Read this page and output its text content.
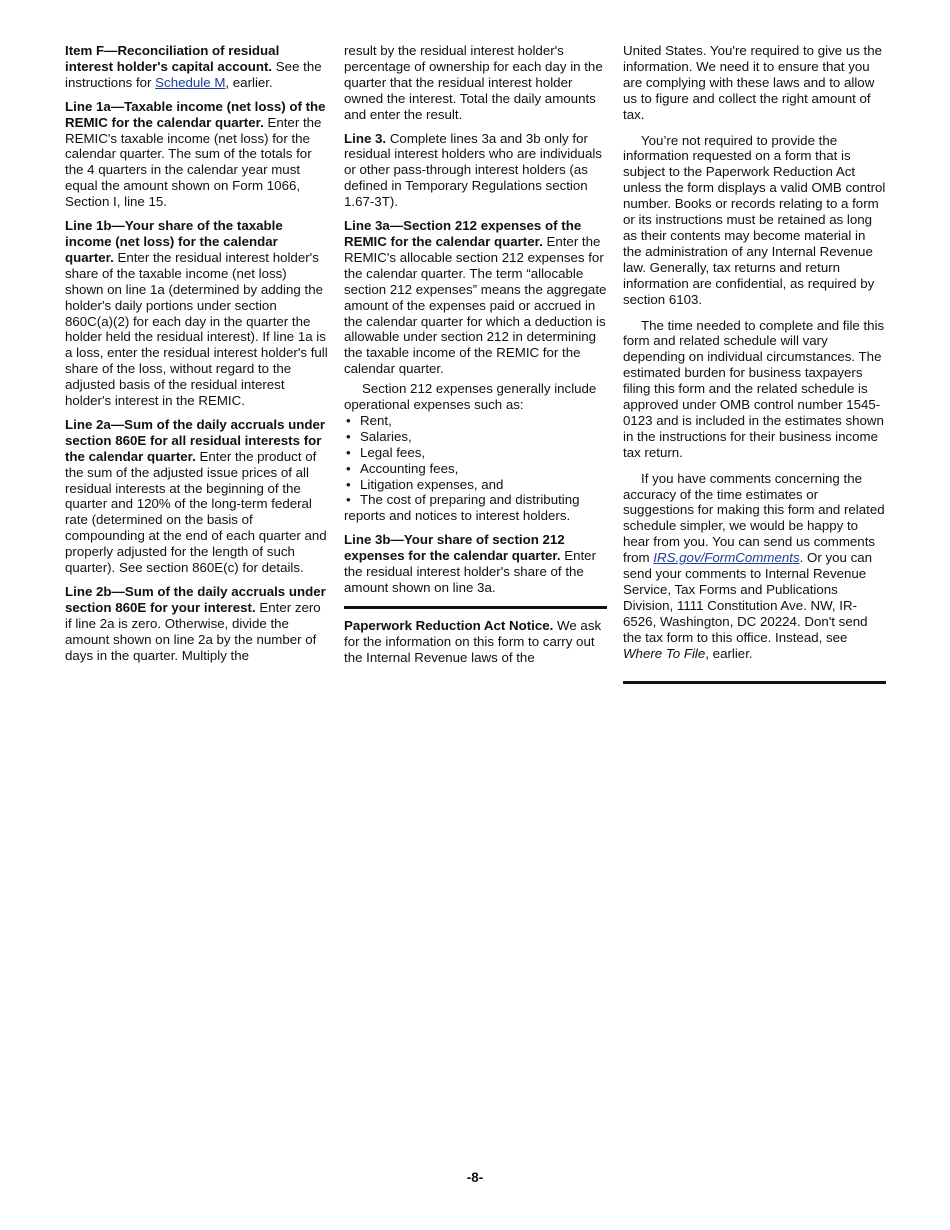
Item F—Reconciliation of residual interest holder's capital account. See the instructions for Schedule M, earlier.

Line 1a—Taxable income (net loss) of the REMIC for the calendar quarter. Enter the REMIC's taxable income (net loss) for the calendar quarter. The sum of the totals for the 4 quarters in the calendar year must equal the amount shown on Form 1066, Section I, line 15.

Line 1b—Your share of the taxable income (net loss) for the calendar quarter. Enter the residual interest holder's share of the taxable income (net loss) shown on line 1a (determined by adding the holder's daily portions under section 860C(a)(2) for each day in the quarter the holder held the residual interest). If line 1a is a loss, enter the residual interest holder's full share of the loss, without regard to the adjusted basis of the residual interest holder's interest in the REMIC.

Line 2a—Sum of the daily accruals under section 860E for all residual interests for the calendar quarter. Enter the product of the sum of the adjusted issue prices of all residual interests at the beginning of the quarter and 120% of the long-term federal rate (determined on the basis of compounding at the end of each quarter and properly adjusted for the length of such quarter). See section 860E(c) for details.

Line 2b—Sum of the daily accruals under section 860E for your interest. Enter zero if line 2a is zero. Otherwise, divide the amount shown on line 2a by the number of days in the quarter. Multiply the

result by the residual interest holder's percentage of ownership for each day in the quarter that the residual interest holder owned the interest. Total the daily amounts and enter the result.

Line 3. Complete lines 3a and 3b only for residual interest holders who are individuals or other pass-through interest holders (as defined in Temporary Regulations section 1.67-3T).

Line 3a—Section 212 expenses of the REMIC for the calendar quarter. Enter the REMIC's allocable section 212 expenses for the calendar quarter. The term “allocable section 212 expenses” means the aggregate amount of the expenses paid or accrued in the calendar quarter for which a deduction is allowable under section 212 in determining the taxable income of the REMIC for the calendar quarter.

Section 212 expenses generally include operational expenses such as:

• Rent,
• Salaries,
• Legal fees,
• Accounting fees,
• Litigation expenses, and
• The cost of preparing and distributing
reports and notices to interest holders.

Line 3b—Your share of section 212 expenses for the calendar quarter. Enter the residual interest holder's share of the amount shown on line 3a.

Paperwork Reduction Act Notice. We ask for the information on this form to carry out the Internal Revenue laws of the

United States. You're required to give us the information. We need it to ensure that you are complying with these laws and to allow us to figure and collect the right amount of tax.

You’re not required to provide the information requested on a form that is subject to the Paperwork Reduction Act unless the form displays a valid OMB control number. Books or records relating to a form or its instructions must be retained as long as their contents may become material in the administration of any Internal Revenue law. Generally, tax returns and return information are confidential, as required by section 6103.

The time needed to complete and file this form and related schedule will vary depending on individual circumstances. The estimated burden for business taxpayers filing this form and the related schedule is approved under OMB control number 1545-0123 and is included in the estimates shown in the instructions for their business income tax return.

If you have comments concerning the accuracy of the time estimates or suggestions for making this form and related schedule simpler, we would be happy to hear from you. You can send us comments from IRS.gov/FormComments. Or you can send your comments to Internal Revenue Service, Tax Forms and Publications Division, 1111 Constitution Ave. NW, IR-6526, Washington, DC 20224. Don't send the tax form to this office. Instead, see Where To File, earlier.

-8-
